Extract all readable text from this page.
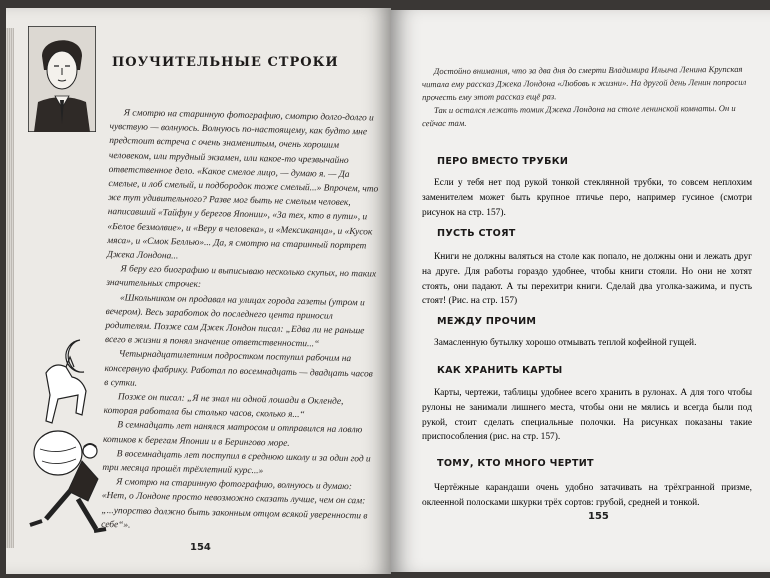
ПОУЧИТЕЛЬНЫЕ СТРОКИ

Я смотрю на старинную фотографию, смотрю долго-долго и чувствую — волнуюсь. Волнуюсь по-настоящему, как будто мне предстоит встреча с очень знаменитым, очень хорошим человеком, или трудный экзамен, или какое-то чрезвычайно ответственное дело. «Какое смелое лицо, — думаю я. — Да смелые, и лоб смелый, и подбородок тоже смелый...» Впрочем, что же тут удивительного? Разве мог быть не смелым человек, написавший «Тайфун у берегов Японии», «За тех, кто в пути», и «Белое безмолвие», и «Веру в человека», и «Мексиканца», и «Кусок мяса», и «Смок Беллью»... Да, я смотрю на старинный портрет Джека Лондона...

Я беру его биографию и выписываю несколько скупых, но таких значительных строчек:

«Школьником он продавал на улицах города газеты (утром и вечером). Весь заработок до последнего цента приносил родителям. Позже сам Джек Лондон писал: „Едва ли не раньше всего в жизни я понял значение ответственности...“

Четырнадцатилетним подростком поступил рабочим на консервную фабрику. Работал по восемнадцать — двадцать часов в сутки.

Позже он писал: „Я не знал ни одной лошади в Окленде, которая работала бы столько часов, сколько я...“

В семнадцать лет нанялся матросом и отправился на ловлю котиков к берегам Японии и в Берингово море.

В восемнадцать лет поступил в среднюю школу и за один год и три месяца прошёл трёхлетний курс...»

Я смотрю на старинную фотографию, волнуюсь и думаю: «Нет, о Лондоне просто невозможно сказать лучше, чем он сам: „...упорство должно быть законным отцом всякой уверенности в себе“».

154

Достойно внимания, что за два дня до смерти Владимира Ильича Ленина Крупская читала ему рассказ Джека Лондона «Любовь к жизни». На другой день Ленин попросил прочесть ему этот рассказ ещё раз.

Так и остался лежать томик Джека Лондона на столе ленинской комнаты. Он и сейчас там.

ПЕРО ВМЕСТО ТРУБКИ

Если у тебя нет под рукой тонкой стеклянной трубки, то совсем неплохим заменителем может быть крупное птичье перо, например гусиное (смотри рисунок на стр. 157).

ПУСТЬ СТОЯТ

Книги не должны валяться на столе как попало, не должны они и лежать друг на друге. Для работы гораздо удобнее, чтобы книги стояли. Но они не хотят стоять, они падают. А ты перехитри книги. Сделай два уголка-зажима, и пусть стоят! (Рис. на стр. 157)

МЕЖДУ ПРОЧИМ

Замасленную бутылку хорошо отмывать теплой кофейной гущей.

КАК ХРАНИТЬ КАРТЫ

Карты, чертежи, таблицы удобнее всего хранить в рулонах. А для того чтобы рулоны не занимали лишнего места, чтобы они не мялись и всегда были под рукой, стоит сделать специальные полочки. На рисунках показаны такие приспособления (рис. на стр. 157).

ТОМУ, КТО МНОГО ЧЕРТИТ

Чертёжные карандаши очень удобно затачивать на трёхгранной призме, оклеенной полосками шкурки трёх сортов: грубой, средней и тонкой.

155
